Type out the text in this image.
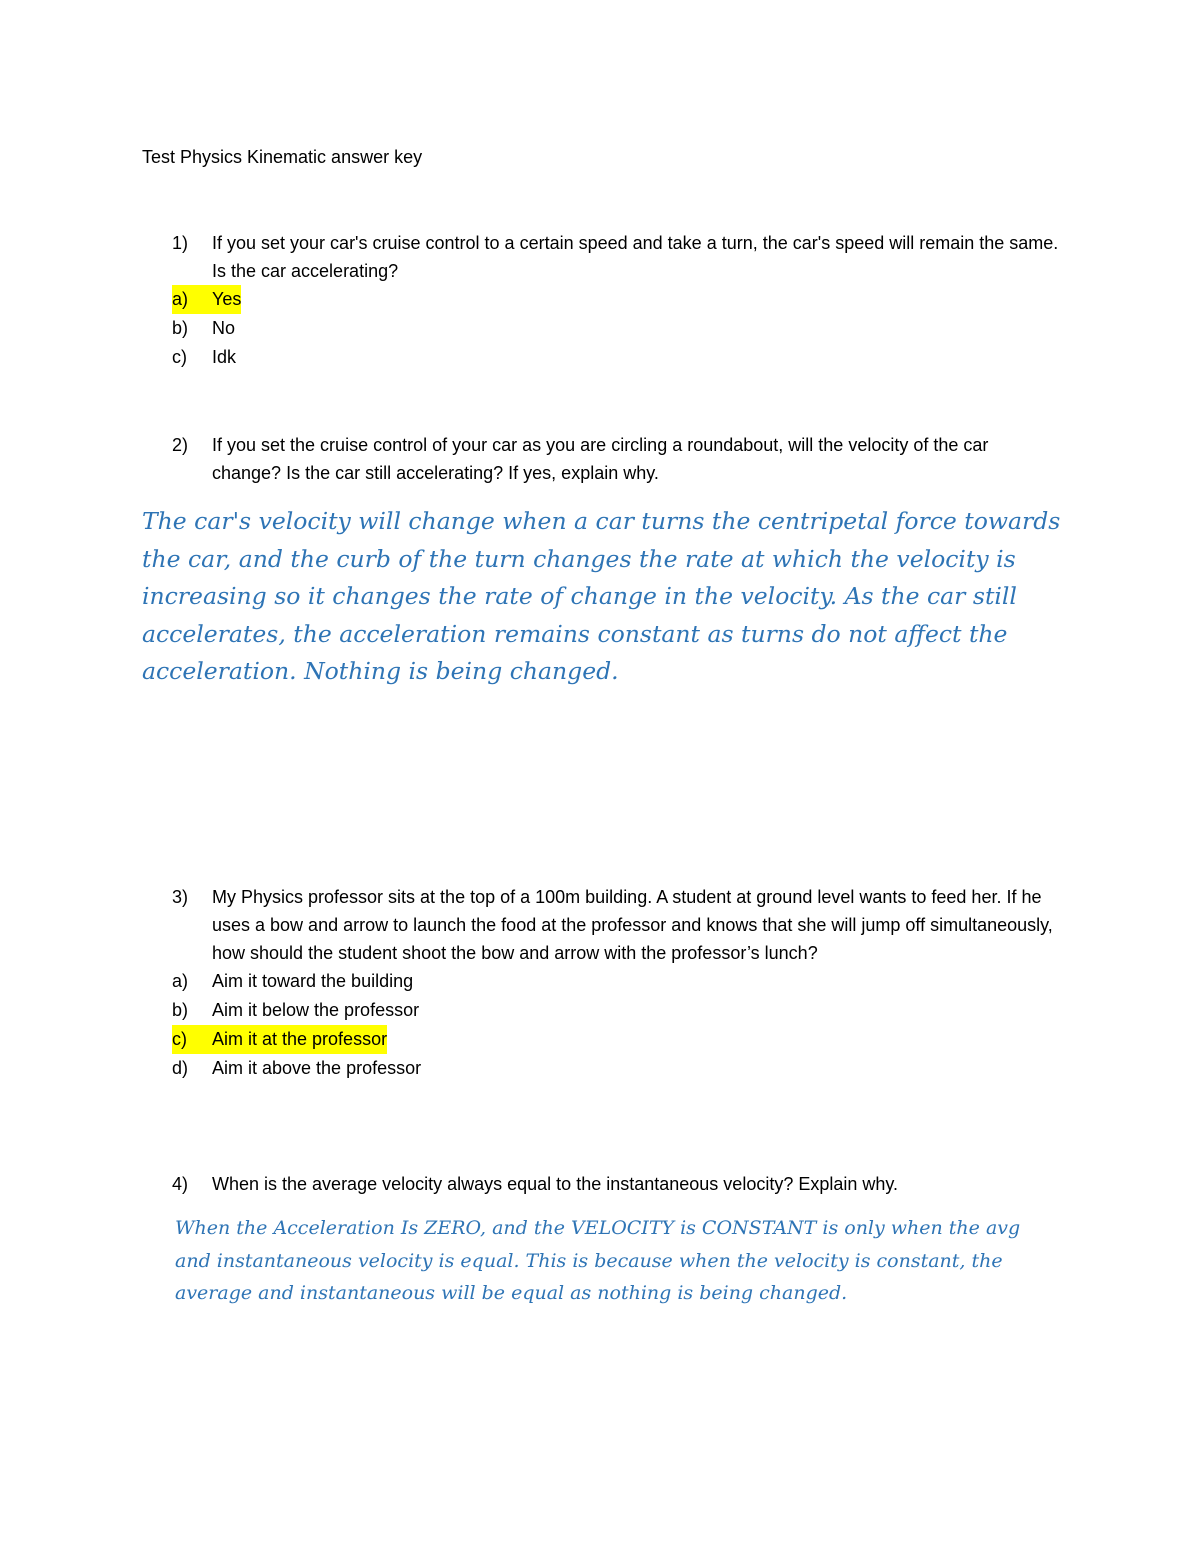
Test Physics Kinematic answer key
1)	If you set your car's cruise control to a certain speed and take a turn, the car's speed will remain the same. Is the car accelerating?
a)	Yes
b)	No
c)	Idk
2)	If you set the cruise control of your car as you are circling a roundabout, will the velocity of the car change? Is the car still accelerating? If yes, explain why.
The car's velocity will change when a car turns the centripetal force towards the car, and the curb of the turn changes the rate at which the velocity is increasing so it changes the rate of change in the velocity. As the car still accelerates, the acceleration remains constant as turns do not affect the acceleration. Nothing is being changed.
3)	My Physics professor sits at the top of a 100m building. A student at ground level wants to feed her. If he uses a bow and arrow to launch the food at the professor and knows that she will jump off simultaneously, how should the student shoot the bow and arrow with the professor’s lunch?
a)	Aim it toward the building
b)	Aim it below the professor
c)	Aim it at the professor
d)	Aim it above the professor
4)	When is the average velocity always equal to the instantaneous velocity? Explain why.
When the Acceleration Is ZERO, and the VELOCITY is CONSTANT is only when the avg and instantaneous velocity is equal. This is because when the velocity is constant, the average and instantaneous will be equal as nothing is being changed.
